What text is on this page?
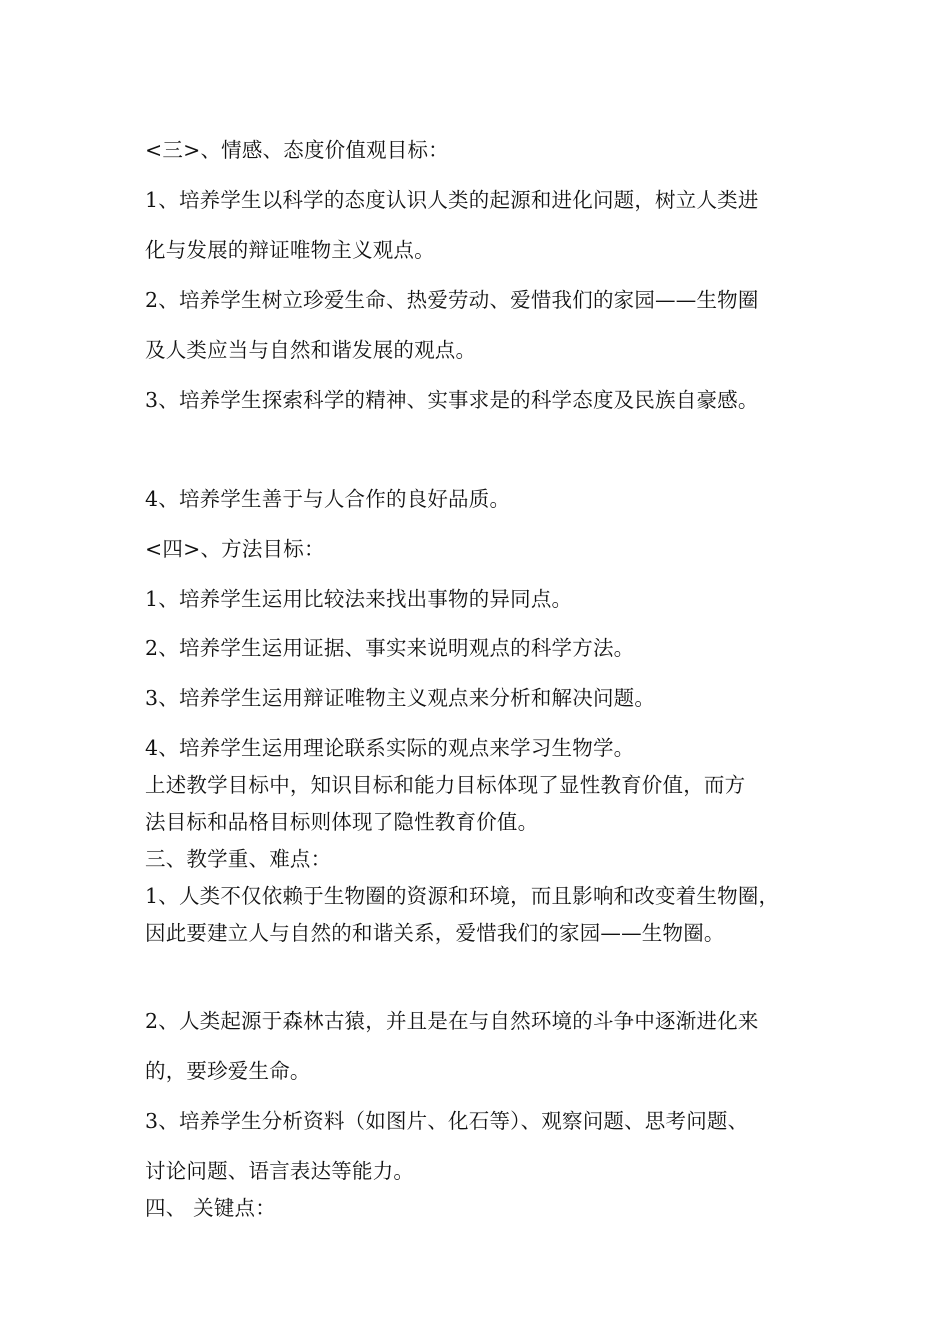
<三>、情感、态度价值观目标：
1、培养学生以科学的态度认识人类的起源和进化问题，树立人类进
化与发展的辩证唯物主义观点。
2、培养学生树立珍爱生命、热爱劳动、爱惜我们的家园——生物圈
及人类应当与自然和谐发展的观点。
3、培养学生探索科学的精神、实事求是的科学态度及民族自豪感。
4、培养学生善于与人合作的良好品质。
<四>、方法目标：
1、培养学生运用比较法来找出事物的异同点。
2、培养学生运用证据、事实来说明观点的科学方法。
3、培养学生运用辩证唯物主义观点来分析和解决问题。
4、培养学生运用理论联系实际的观点来学习生物学。
上述教学目标中，知识目标和能力目标体现了显性教育价值，而方
法目标和品格目标则体现了隐性教育价值。
三、教学重、难点：
1、人类不仅依赖于生物圈的资源和环境，而且影响和改变着生物圈，
因此要建立人与自然的和谐关系，爱惜我们的家园——生物圈。
2、人类起源于森林古猿，并且是在与自然环境的斗争中逐渐进化来
的，要珍爱生命。
3、培养学生分析资料（如图片、化石等）、观察问题、思考问题、
讨论问题、语言表达等能力。
四、 关键点：
